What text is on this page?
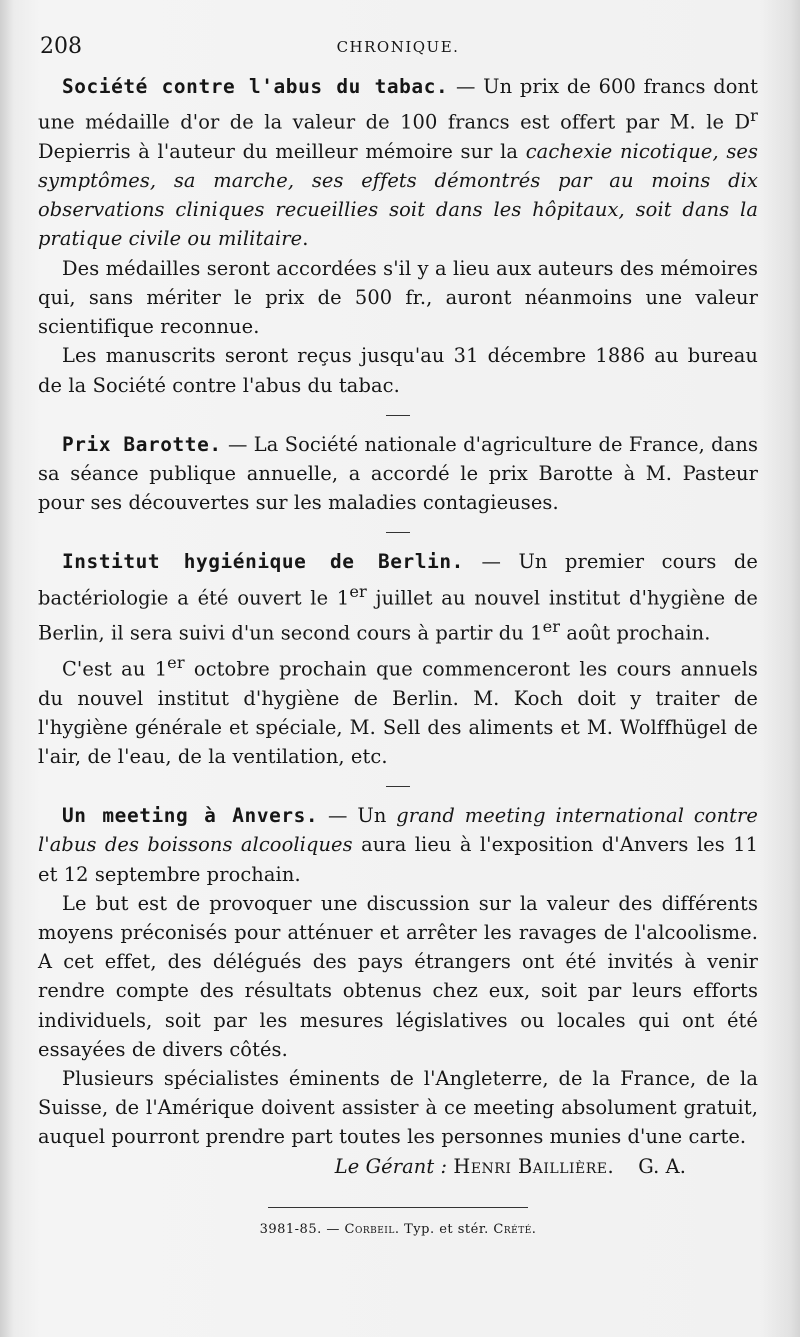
208	CHRONIQUE.

Société contre l'abus du tabac. — Un prix de 600 francs dont une médaille d'or de la valeur de 100 francs est offert par M. le $D^r$ Depierris à l'auteur du meilleur mémoire sur la cachexie nicotique, ses symptômes, sa marche, ses effets démontrés par au moins dix observations cliniques recueillies soit dans les hôpitaux, soit dans la pratique civile ou militaire.

Des médailles seront accordées s'il y a lieu aux auteurs des mémoires qui, sans mériter le prix de 500 fr., auront néanmoins une valeur scientifique reconnue.

Les manuscrits seront reçus jusqu'au 31 décembre 1886 au bureau de la Société contre l'abus du tabac.

Prix Barotte. — La Société nationale d'agriculture de France, dans sa séance publique annuelle, a accordé le prix Barotte à M. Pasteur pour ses découvertes sur les maladies contagieuses.

Institut hygiénique de Berlin. — Un premier cours de bactériologie a été ouvert le 1er juillet au nouvel institut d'hygiène de Berlin, il sera suivi d'un second cours à partir du 1er août prochain.

C'est au 1er octobre prochain que commenceront les cours annuels du nouvel institut d'hygiène de Berlin. M. Koch doit y traiter de l'hygiène générale et spéciale, M. Sell des aliments et M. Wolffhügel de l'air, de l'eau, de la ventilation, etc.

Un meeting à Anvers. — Un grand meeting international contre l'abus des boissons alcooliques aura lieu à l'exposition d'Anvers les 11 et 12 septembre prochain.

Le but est de provoquer une discussion sur la valeur des différents moyens préconisés pour atténuer et arrêter les ravages de l'alcoolisme. A cet effet, des délégués des pays étrangers ont été invités à venir rendre compte des résultats obtenus chez eux, soit par leurs efforts individuels, soit par les mesures législatives ou locales qui ont été essayées de divers côtés.

Plusieurs spécialistes éminents de l'Angleterre, de la France, de la Suisse, de l'Amérique doivent assister à ce meeting absolument gratuit, auquel pourront prendre part toutes les personnes munies d'une carte.
G. A.

Le Gérant : Henri Baillière.

3981-85. — Corbeil. Typ. et stér. Crété.
